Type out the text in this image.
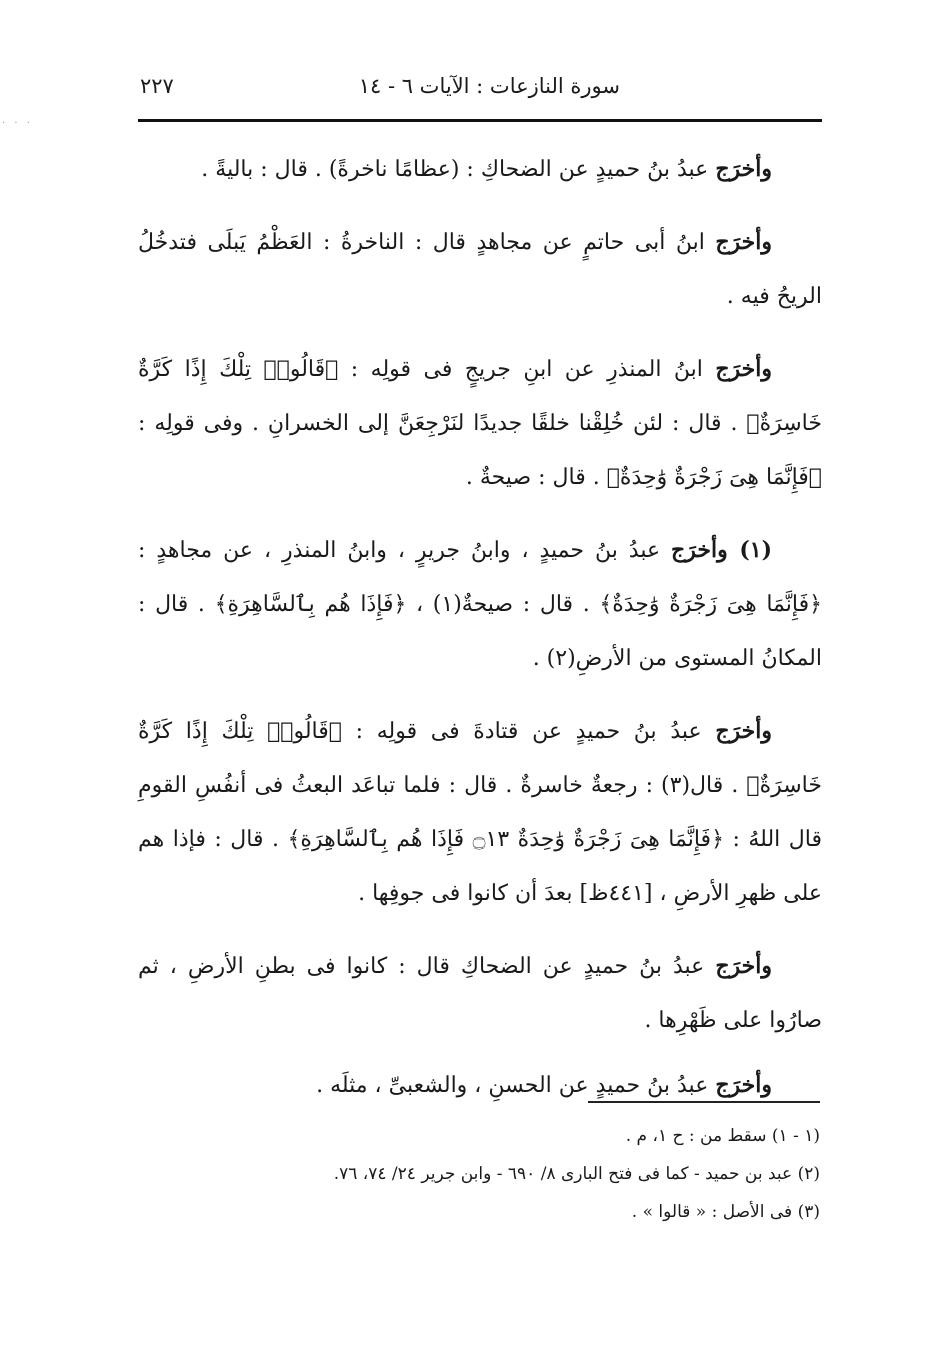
· · ·
سورة النازعات : الآيات ٦ - ١٤
٢٢٧

وأخرَج عبدُ بنُ حميدٍ عن الضحاكِ : (عظامًا ناخرةً) . قال : باليةً .

وأخرَج ابنُ أبى حاتمٍ عن مجاهدٍ قال : الناخرةُ : العَظْمُ يَبلَى فتدخُلُ الريحُ فيه .

وأخرَج ابنُ المنذرِ عن ابنِ جريجٍ فى قولِه : ﴿قَالُوا۟ تِلْكَ إِذًا كَرَّةٌ خَاسِرَةٌ﴾ . قال : لئن خُلِقْنا خلقًا جديدًا لنَرْجِعَنَّ إلى الخسرانِ . وفى قولِه : ﴿فَإِنَّمَا هِىَ زَجْرَةٌ وَٰحِدَةٌ﴾ . قال : صيحةٌ .

(١) وأخرَج عبدُ بنُ حميدٍ ، وابنُ جريرٍ ، وابنُ المنذرِ ، عن مجاهدٍ : ﴿فَإِنَّمَا هِىَ زَجْرَةٌ وَٰحِدَةٌ﴾ . قال : صيحةٌ(١) ، ﴿فَإِذَا هُم بِٱلسَّاهِرَةِ﴾ . قال : المكانُ المستوى من الأرضِ(٢) .

وأخرَج عبدُ بنُ حميدٍ عن قتادةَ فى قولِه : ﴿قَالُوا۟ تِلْكَ إِذًا كَرَّةٌ خَاسِرَةٌ﴾ . قال(٣) : رجعةٌ خاسرةٌ . قال : فلما تباعَد البعثُ فى أنفُسِ القومِ قال اللهُ : ﴿فَإِنَّمَا هِىَ زَجْرَةٌ وَٰحِدَةٌ ۝١٣ فَإِذَا هُم بِٱلسَّاهِرَةِ﴾ . قال : فإذا هم على ظهرِ الأرضِ ، [٤٤١ظ] بعدَ أن كانوا فى جوفِها .

وأخرَج عبدُ بنُ حميدٍ عن الضحاكِ قال : كانوا فى بطنِ الأرضِ ، ثم صارُوا على ظَهْرِها .

وأخرَج عبدُ بنُ حميدٍ عن الحسنِ ، والشعبىِّ ، مثلَه .

(١ - ١) سقط من : ح ١، م .
(٢) عبد بن حميد - كما فى فتح البارى ٨/ ٦٩٠ - وابن جرير ٢٤/ ٧٤، ٧٦.
(٣) فى الأصل : « قالوا » .
